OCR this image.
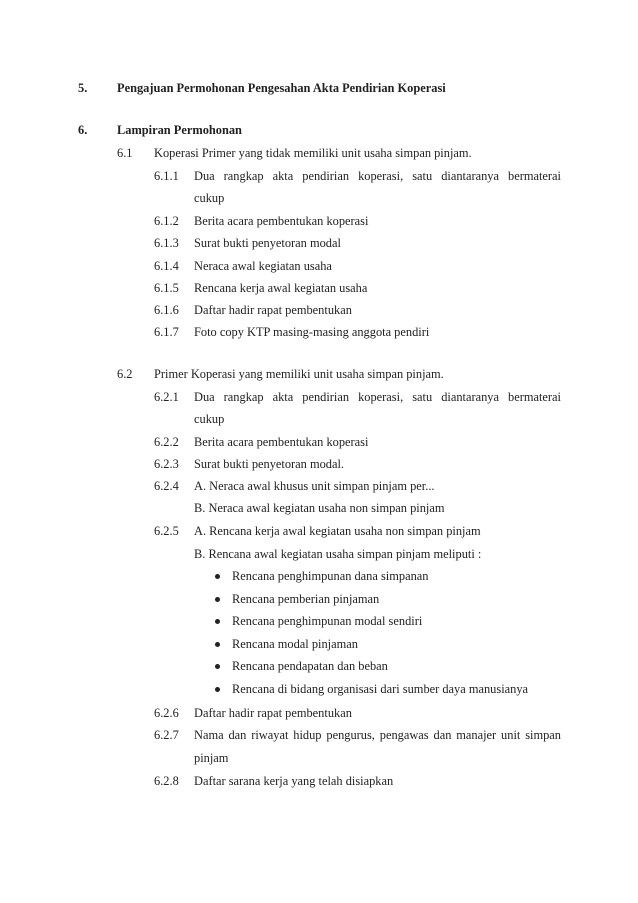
5. Pengajuan Permohonan Pengesahan Akta Pendirian Koperasi
6. Lampiran Permohonan
6.1 Koperasi Primer yang tidak memiliki unit usaha simpan pinjam.
6.1.1 Dua rangkap akta pendirian koperasi, satu diantaranya bermaterai
cukup
6.1.2 Berita acara pembentukan koperasi
6.1.3 Surat bukti penyetoran modal
6.1.4 Neraca awal kegiatan usaha
6.1.5 Rencana kerja awal kegiatan usaha
6.1.6 Daftar hadir rapat pembentukan
6.1.7 Foto copy KTP masing-masing anggota pendiri
6.2 Primer Koperasi yang memiliki unit usaha simpan pinjam.
6.2.1 Dua rangkap akta pendirian koperasi, satu diantaranya bermaterai
cukup
6.2.2 Berita acara pembentukan koperasi
6.2.3 Surat bukti penyetoran modal.
6.2.4 A. Neraca awal khusus unit simpan pinjam per...
B. Neraca awal kegiatan usaha non simpan pinjam
6.2.5 A. Rencana kerja awal kegiatan usaha non simpan pinjam
B. Rencana awal kegiatan usaha simpan pinjam meliputi :
Rencana penghimpunan dana simpanan
Rencana pemberian pinjaman
Rencana penghimpunan modal sendiri
Rencana modal pinjaman
Rencana pendapatan dan beban
Rencana di bidang organisasi dari sumber daya manusianya
6.2.6 Daftar hadir rapat pembentukan
6.2.7 Nama dan riwayat hidup pengurus, pengawas dan manajer unit simpan
pinjam
6.2.8 Daftar sarana kerja yang telah disiapkan
